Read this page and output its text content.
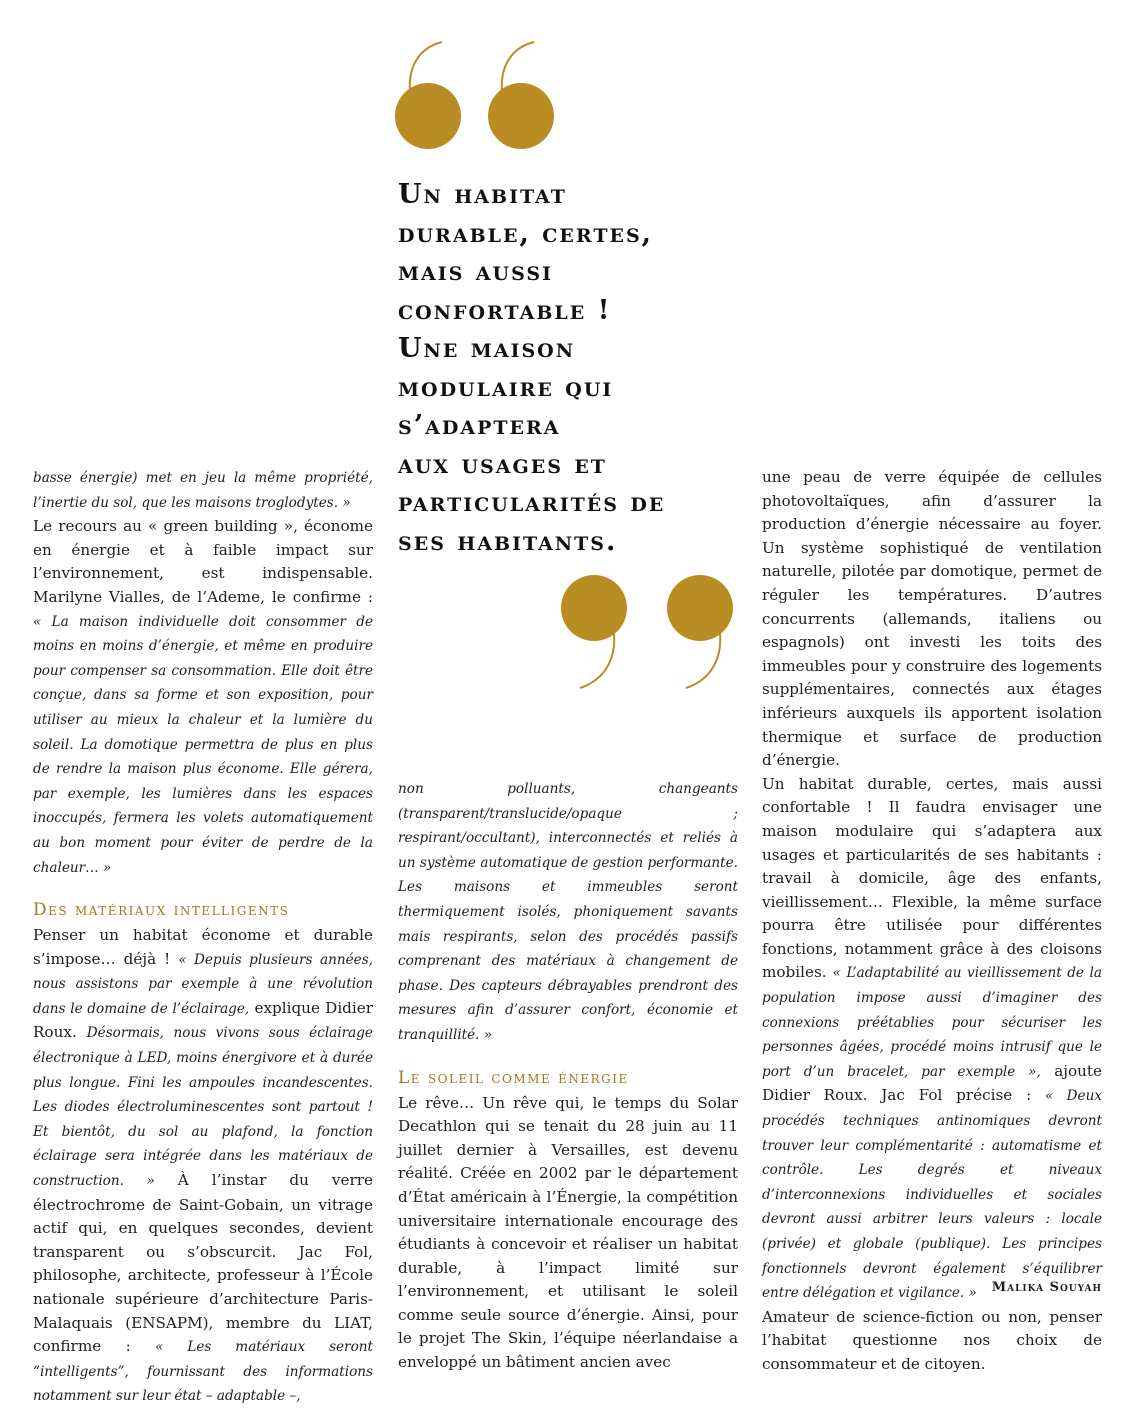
Un habitat
durable, certes,
mais aussi
confortable !
Une maison
modulaire qui
s’adaptera
aux usages et
particularités de
ses habitants.

basse énergie) met en jeu la même propriété, l’inertie du sol, que les maisons troglodytes. »

Le recours au « green building », économe en énergie et à faible impact sur l’environnement, est indispensable. Marilyne Vialles, de l’Ademe, le confirme : « La maison individuelle doit consommer de moins en moins d’énergie, et même en produire pour compenser sa consommation. Elle doit être conçue, dans sa forme et son exposition, pour utiliser au mieux la chaleur et la lumière du soleil. La domotique permettra de plus en plus de rendre la maison plus économe. Elle gérera, par exemple, les lumières dans les espaces inoccupés, fermera les volets automatiquement au bon moment pour éviter de perdre de la chaleur… »

Des matériaux intelligents

Penser un habitat économe et durable s’impose… déjà ! « Depuis plusieurs années, nous assistons par exemple à une révolution dans le domaine de l’éclairage, explique Didier Roux. Désormais, nous vivons sous éclairage électronique à LED, moins énergivore et à durée plus longue. Fini les ampoules incandescentes. Les diodes électroluminescentes sont partout ! Et bientôt, du sol au plafond, la fonction éclairage sera intégrée dans les matériaux de construction. » À l’instar du verre électrochrome de Saint-Gobain, un vitrage actif qui, en quelques secondes, devient transparent ou s’obscurcit. Jac Fol, philosophe, architecte, professeur à l’École nationale supérieure d’architecture Paris-Malaquais (ENSAPM), membre du LIAT, confirme : « Les matériaux seront “intelligents”, fournissant des informations notamment sur leur état – adaptable –,

non polluants, changeants (transparent/translucide/opaque ; respirant/occultant), interconnectés et reliés à un système automatique de gestion performante. Les maisons et immeubles seront thermiquement isolés, phoniquement savants mais respirants, selon des procédés passifs comprenant des matériaux à changement de phase. Des capteurs débrayables prendront des mesures afin d’assurer confort, économie et tranquillité. »

Le soleil comme énergie

Le rêve… Un rêve qui, le temps du Solar Decathlon qui se tenait du 28 juin au 11 juillet dernier à Versailles, est devenu réalité. Créée en 2002 par le département d’État américain à l’Énergie, la compétition universitaire internationale encourage des étudiants à concevoir et réaliser un habitat durable, à l’impact limité sur l’environnement, et utilisant le soleil comme seule source d’énergie. Ainsi, pour le projet The Skin, l’équipe néerlandaise a enveloppé un bâtiment ancien avec

une peau de verre équipée de cellules photovoltaïques, afin d’assurer la production d’énergie nécessaire au foyer. Un système sophistiqué de ventilation naturelle, pilotée par domotique, permet de réguler les températures. D’autres concurrents (allemands, italiens ou espagnols) ont investi les toits des immeubles pour y construire des logements supplémentaires, connectés aux étages inférieurs auxquels ils apportent isolation thermique et surface de production d’énergie.

Un habitat durable, certes, mais aussi confortable ! Il faudra envisager une maison modulaire qui s’adaptera aux usages et particularités de ses habitants : travail à domicile, âge des enfants, vieillissement… Flexible, la même surface pourra être utilisée pour différentes fonctions, notamment grâce à des cloisons mobiles. « L’adaptabilité au vieillissement de la population impose aussi d’imaginer des connexions préétablies pour sécuriser les personnes âgées, procédé moins intrusif que le port d’un bracelet, par exemple », ajoute Didier Roux. Jac Fol précise : « Deux procédés techniques antinomiques devront trouver leur complémentarité : automatisme et contrôle. Les degrés et niveaux d’interconnexions individuelles et sociales devront aussi arbitrer leurs valeurs : locale (privée) et globale (publique). Les principes fonctionnels devront également s’équilibrer entre délégation et vigilance. »

Amateur de science-fiction ou non, penser l’habitat questionne nos choix de consommateur et de citoyen.

Malika Souyah
